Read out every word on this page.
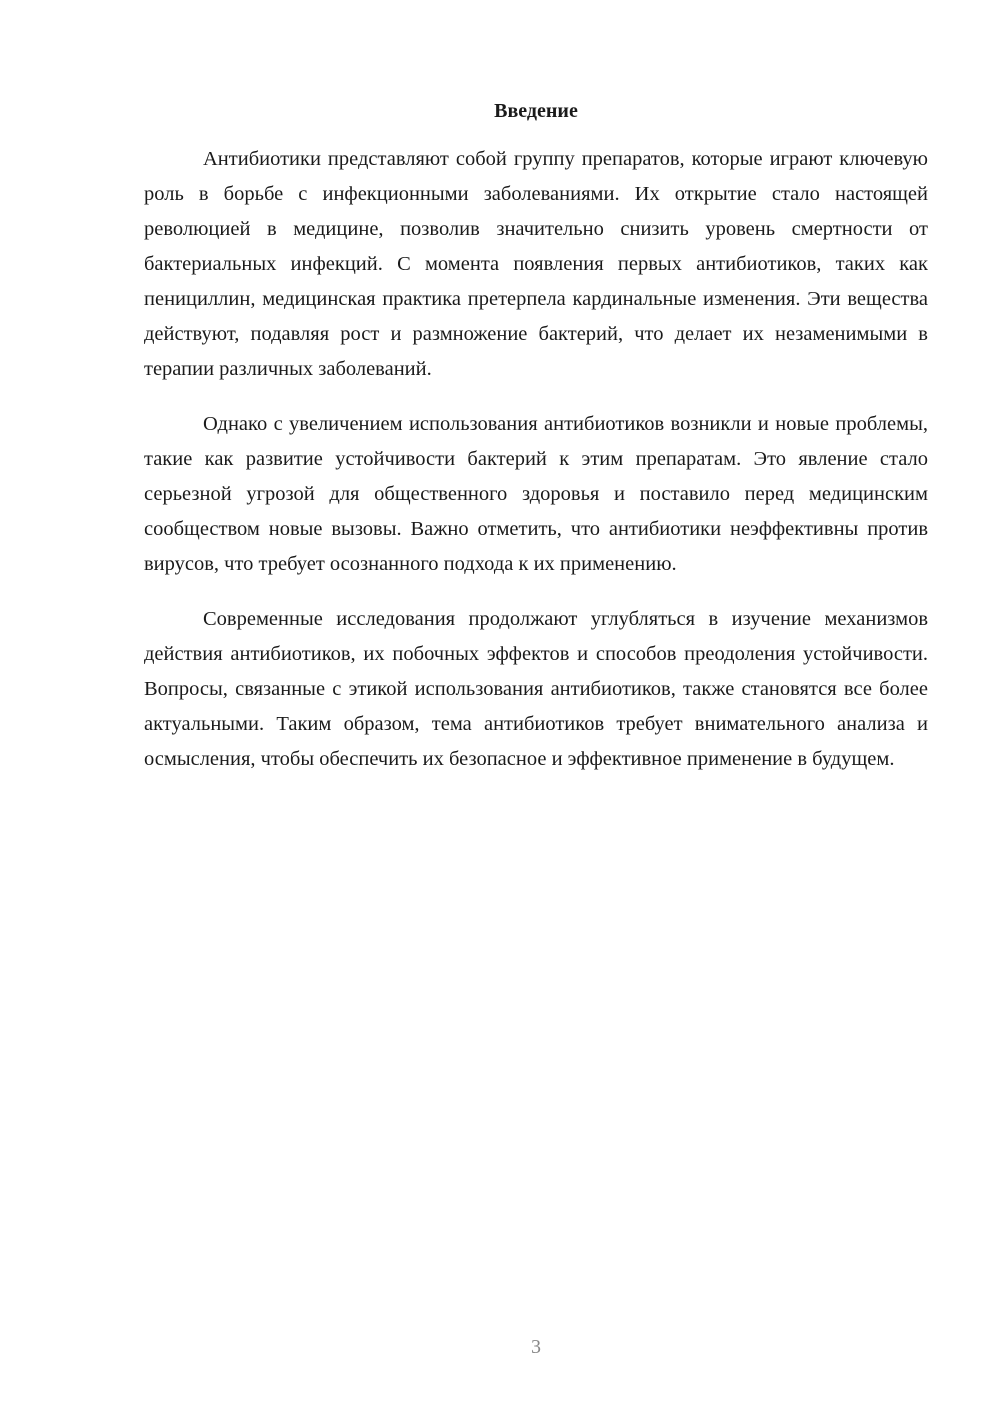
Введение

Антибиотики представляют собой группу препаратов, которые играют ключевую роль в борьбе с инфекционными заболеваниями. Их открытие стало настоящей революцией в медицине, позволив значительно снизить уровень смертности от бактериальных инфекций. С момента появления первых антибиотиков, таких как пенициллин, медицинская практика претерпела кардинальные изменения. Эти вещества действуют, подавляя рост и размножение бактерий, что делает их незаменимыми в терапии различных заболеваний.

Однако с увеличением использования антибиотиков возникли и новые проблемы, такие как развитие устойчивости бактерий к этим препаратам. Это явление стало серьезной угрозой для общественного здоровья и поставило перед медицинским сообществом новые вызовы. Важно отметить, что антибиотики неэффективны против вирусов, что требует осознанного подхода к их применению.

Современные исследования продолжают углубляться в изучение механизмов действия антибиотиков, их побочных эффектов и способов преодоления устойчивости. Вопросы, связанные с этикой использования антибиотиков, также становятся все более актуальными. Таким образом, тема антибиотиков требует внимательного анализа и осмысления, чтобы обеспечить их безопасное и эффективное применение в будущем.

3
